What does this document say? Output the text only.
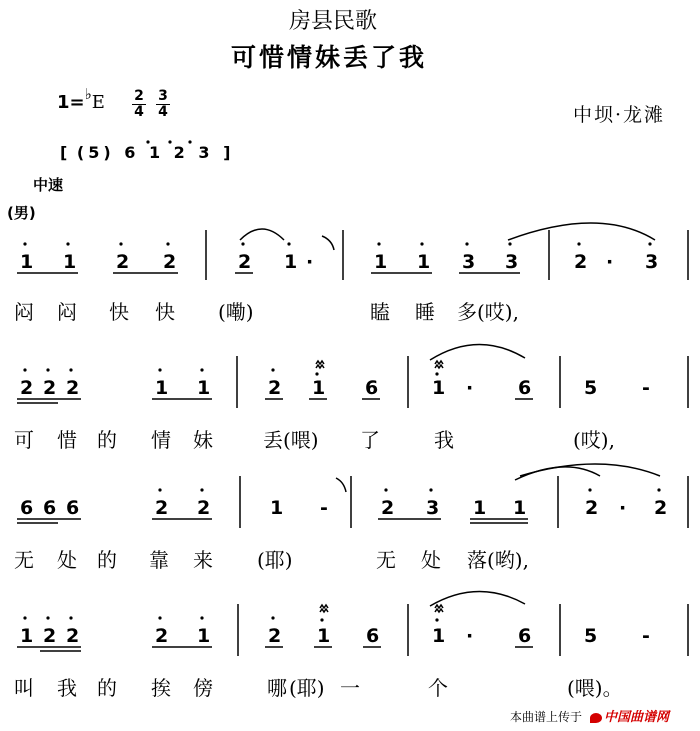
房县民歌
可惜情妹丢了我
1=♭E 2
4
3
4	中坝·龙滩
[ ( 5 ) 6 1 2 3 ]
中速
(男)
1 1 2 2	2 1 ·	1 1 3 3	2 · 3
2 2 2	1 1	2 1 6	1 · 6	5 -
6 6 6	2 2	1 -	2 3 1 1	2 · 2
1 2 2	2 1	2 1 6	1 · 6	5 -
闷 闷 快 快 (嘞)	瞌 睡 多(哎),
可 惜 的 情 妹	丢(喂) 了	我	(哎),
无 处 的 靠 来 (耶)	无 处 落(哟),
叫 我 的 挨 傍	哪 (耶) 一	个	(喂)。
本曲谱上传于	中国曲谱网
